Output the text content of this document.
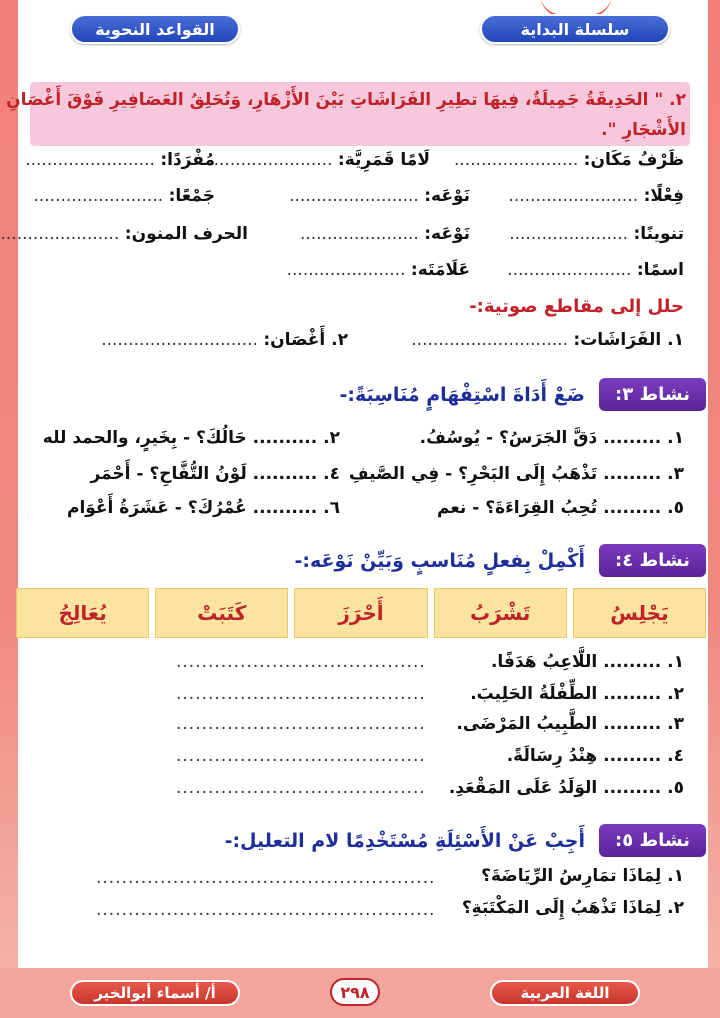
سلسلة البداية
القواعد النحوية
٢. " الحَدِيقَةُ جَمِيلَةٌ، فِيهَا تطِيرِ الفَرَاشَاتِ بَيْنَ الأَزْهَارِ، وَتُحَلِقُ العَصَافِيرِ فَوْقَ أَغْصَانِ
الأَشْجَارِ ".
ظَرْفُ مَكَان: .......................
لَامًا قَمَرِيَّة: ........................
مُفْرَدًا: ........................
فِعْلًا: ........................
نَوْعَه: ........................
جَمْعًا: ........................
تنوينًا: ......................
نَوْعَه: ......................
الحرف المنون: ......................
اسمًا: .......................
عَلَامَتَه: ......................
حلل إلى مقاطع صوتية:-
١. الفَرَاشَات: .............................
٢. أَغْصَان: .............................
نشاط ٣:
ضَعْ أَدَاةَ اسْتِفْهَامٍ مُنَاسِبَةً:-
١. ......... دَقَّ الجَرَسُ؟ - يُوسُفُ.
٢. .......... حَالُكَ؟ - بِخَيرٍ، والحمد لله
٣. ......... تَذْهَبُ إِلَى البَحْرِ؟ - فِي الصَّيفِ
٤. .......... لَوْنُ التُّفَّاحِ؟ - أَحْمَر
٥. ......... تُحِبُ القِرَاءَةَ؟ - نعم
٦. .......... عُمْرُكَ؟ - عَشَرَةُ أَعْوَام
نشاط ٤:
أَكْمِلْ بِفعلٍ مُنَاسبٍ وَبَيِّنْ نَوْعَه:-
يَجْلِسُ
تَشْرَبُ
أَحْرَزَ
كَتَبَتْ
يُعَالِجُ
١. ......... اللَّاعِبُ هَدَفًا.
.......................................
٢. ......... الطِّفْلَةُ الحَلِيبَ.
.......................................
٣. ......... الطَّبِيبُ المَرْضَى.
.......................................
٤. ......... هِنْدُ رِسَالَةً.
.......................................
٥. ......... الوَلَدُ عَلَى المَقْعَدِ.
.......................................
نشاط ٥:
أَجِبْ عَنْ الأَسْئِلَةِ مُسْتَخْدِمًا لام التعليل:-
١. لِمَاذَا تمَارِسُ الرِّيَاضَةَ؟
.....................................................
٢. لِمَاذَا تَذْهَبُ إِلَى المَكْتَبَةِ؟
.....................................................
اللغة العربية
٢٩٨
أ/ أسماء أبوالخير
